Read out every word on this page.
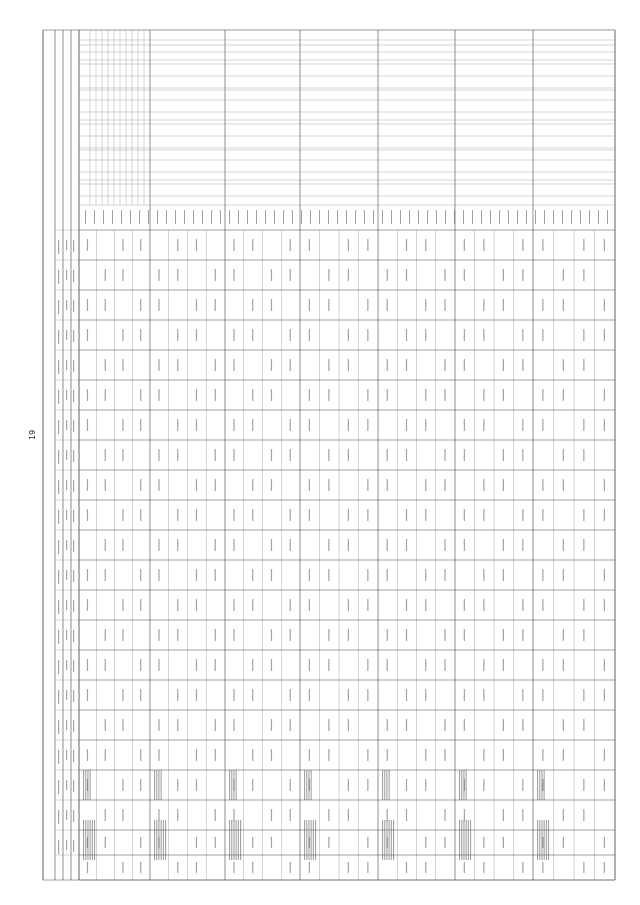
19
